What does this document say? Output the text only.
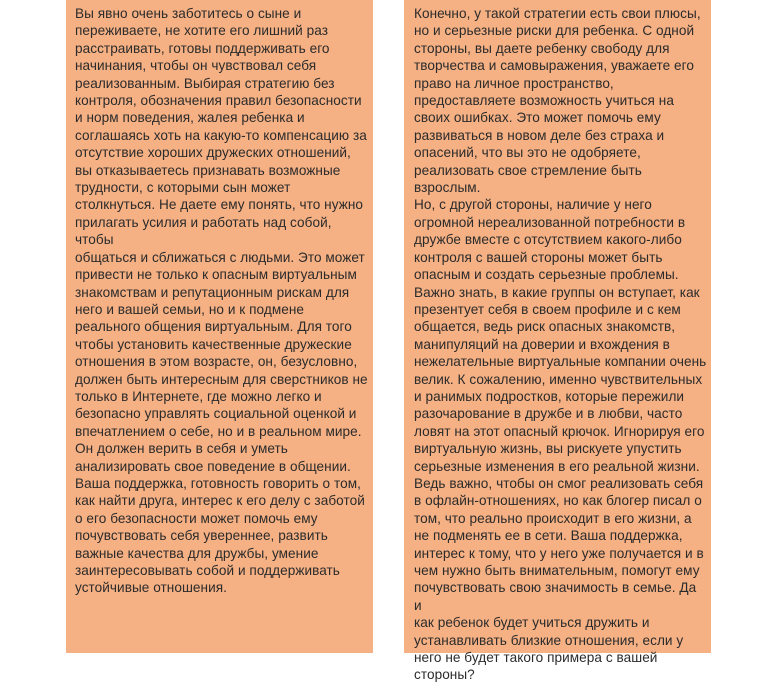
Вы явно очень заботитесь о сыне и
переживаете, не хотите его лишний раз
расстраивать, готовы поддерживать его
начинания, чтобы он чувствовал себя
реализованным. Выбирая стратегию без
контроля, обозначения правил безопасности
и норм поведения, жалея ребенка и
соглашаясь хоть на какую-то компенсацию за
отсутствие хороших дружеских отношений,
вы отказываетесь признавать возможные
трудности, с которыми сын может
столкнуться. Не даете ему понять, что нужно
прилагать усилия и работать над собой, чтобы
общаться и сближаться с людьми. Это может
привести не только к опасным виртуальным
знакомствам и репутационным рискам для
него и вашей семьи, но и к подмене
реального общения виртуальным. Для того
чтобы установить качественные дружеские
отношения в этом возрасте, он, безусловно,
должен быть интересным для сверстников не
только в Интернете, где можно легко и
безопасно управлять социальной оценкой и
впечатлением о себе, но и в реальном мире.
Он должен верить в себя и уметь
анализировать свое поведение в общении.
Ваша поддержка, готовность говорить о том,
как найти друга, интерес к его делу с заботой
о его безопасности может помочь ему
почувствовать себя увереннее, развить
важные качества для дружбы, умение
заинтересовывать собой и поддерживать
устойчивые отношения.

Конечно, у такой стратегии есть свои плюсы,
но и серьезные риски для ребенка. С одной
стороны, вы даете ребенку свободу для
творчества и самовыражения, уважаете его
право на личное пространство,
предоставляете возможность учиться на
своих ошибках. Это может помочь ему
развиваться в новом деле без страха и
опасений, что вы это не одобряете,
реализовать свое стремление быть взрослым.
Но, с другой стороны, наличие у него
огромной нереализованной потребности в
дружбе вместе с отсутствием какого-либо
контроля с вашей стороны может быть
опасным и создать серьезные проблемы.
Важно знать, в какие группы он вступает, как
презентует себя в своем профиле и с кем
общается, ведь риск опасных знакомств,
манипуляций на доверии и вхождения в
нежелательные виртуальные компании очень
велик. К сожалению, именно чувствительных
и ранимых подростков, которые пережили
разочарование в дружбе и в любви, часто
ловят на этот опасный крючок. Игнорируя его
виртуальную жизнь, вы рискуете упустить
серьезные изменения в его реальной жизни.
Ведь важно, чтобы он смог реализовать себя
в офлайн-отношениях, но как блогер писал о
том, что реально происходит в его жизни, а
не подменять ее в сети. Ваша поддержка,
интерес к тому, что у него уже получается и в
чем нужно быть внимательным, помогут ему
почувствовать свою значимость в семье. Да и
как ребенок будет учиться дружить и
устанавливать близкие отношения, если у
него не будет такого примера с вашей
стороны?
